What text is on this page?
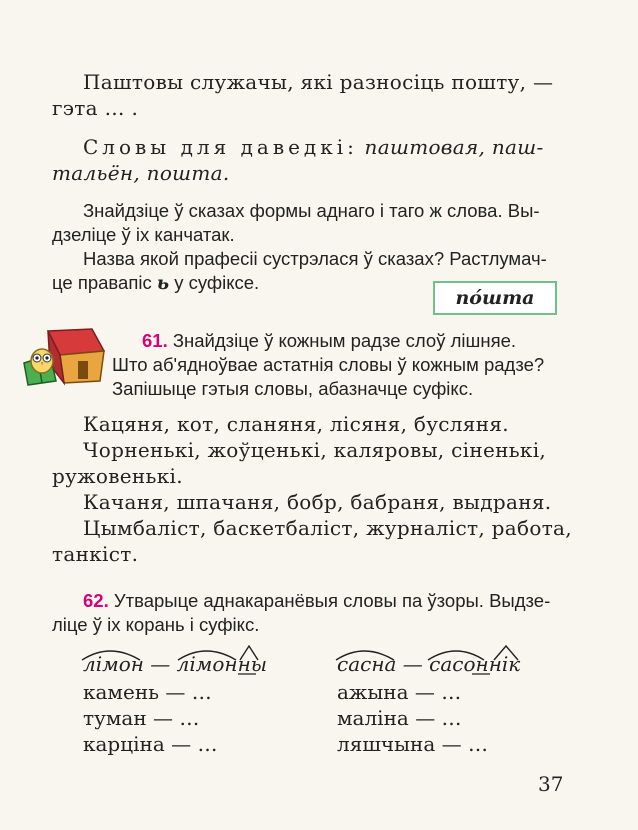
Паштовы служачы, які разносіць пошту, —
гэта … .
Словы для даведкі: паштовая, паш-
тальён, пошта.
Знайдзіце ў сказах формы аднаго і таго ж слова. Вы-
дзеліце ў іх канчатак.
Назва якой прафесіі сустрэлася ў сказах? Растлумач-
це правапіс ь у суфіксе.
по́шта
61. Знайдзіце ў кожным радзе слоў лішняе.
Што аб'ядноўвае астатнія словы ў кожным радзе?
Запішыце гэтыя словы, абазначце суфікс.
Кацяня, кот, сланяня, лісяня, бусляня.
Чорненькі, жоўценькі, каляровы, сіненькі,
ружовенькі.
Качаня, шпачаня, бобр, бабраня, выдраня.
Цымбаліст, баскетбаліст, журналіст, работа,
танкіст.
62. Утварыце аднакаранёвыя словы па ўзоры. Выдзе-
ліце ў іх корань і суфікс.
лімон — лімонны
камень — …
туман — …
карціна — …
сасна — сасоннік
ажына — …
маліна — …
ляшчына — …
37
